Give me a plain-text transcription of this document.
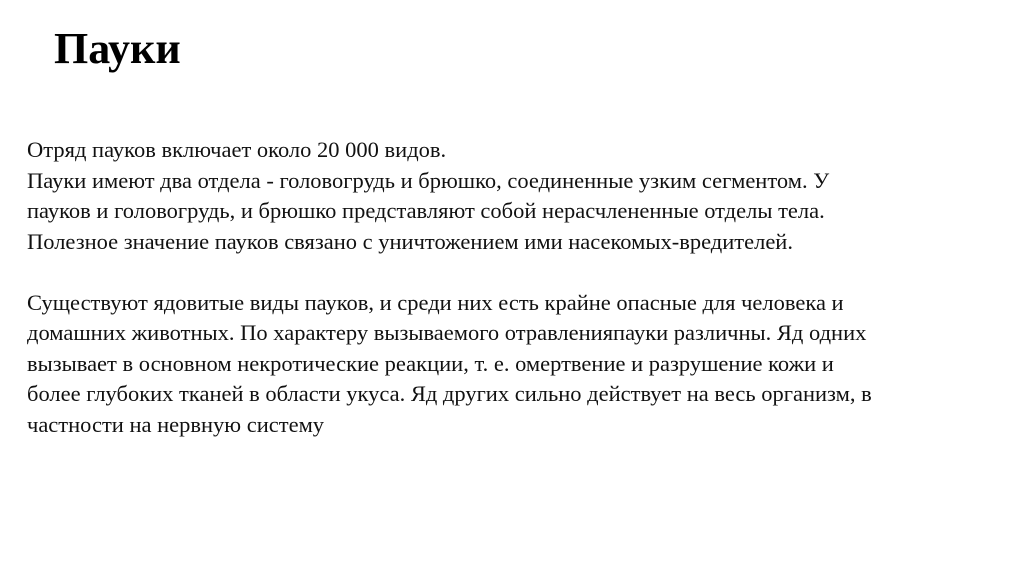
Пауки

Отряд пауков включает около 20 000 видов.
Пауки имеют два отдела - головогрудь и брюшко, соединенные узким сегментом. У
пауков и головогрудь, и брюшко представляют собой нерасчлененные отделы тела.
Полезное значение пауков связано с уничтожением ими насекомых-вредителей.

Существуют ядовитые виды пауков, и среди них есть крайне опасные для человека и
домашних животных. По характеру вызываемого отравленияпауки различны. Яд одних
вызывает в основном некротические реакции, т. е. омертвение и разрушение кожи и
более глубоких тканей в области укуса. Яд других сильно действует на весь организм, в
частности на нервную систему
